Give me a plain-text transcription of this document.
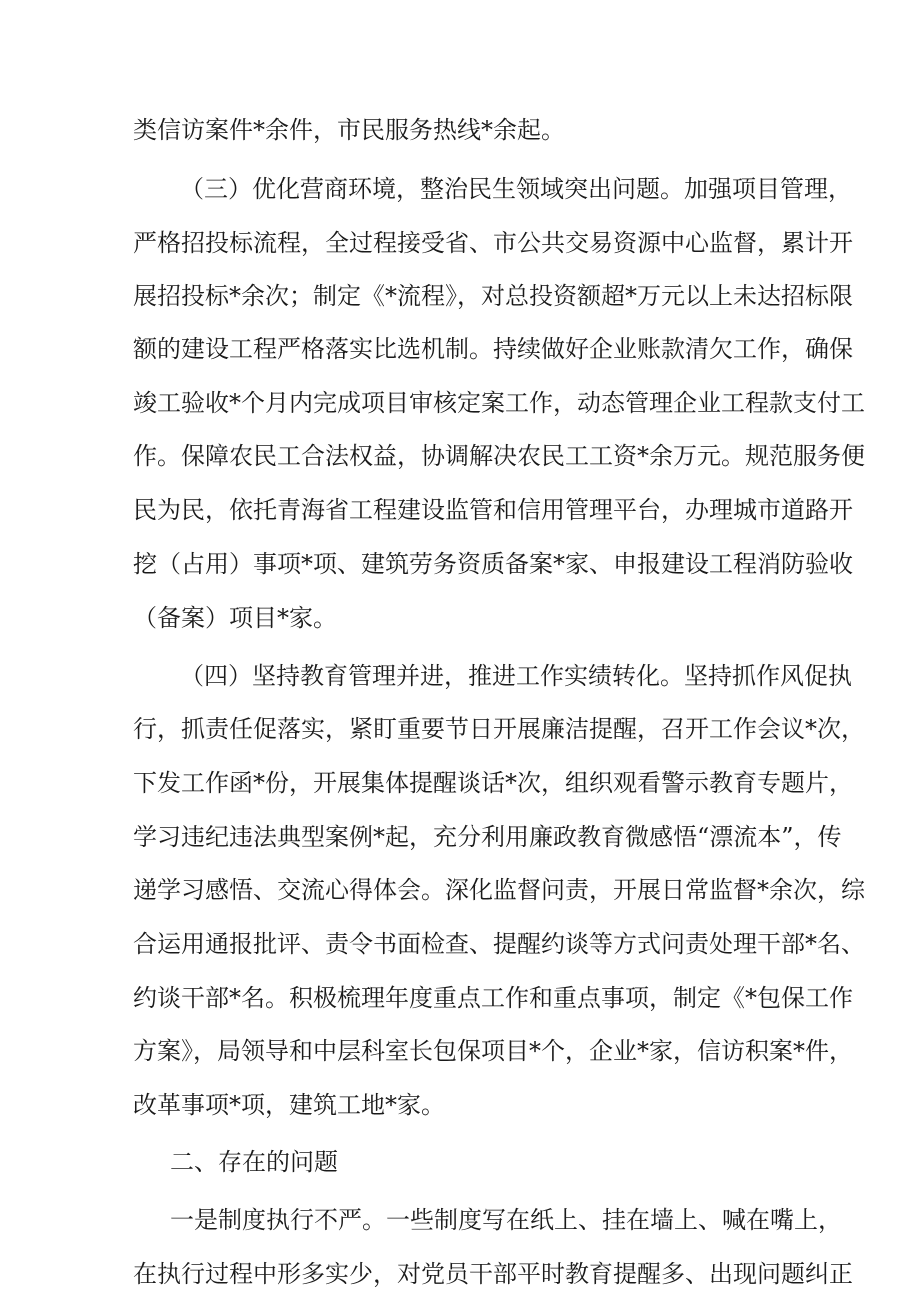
类信访案件*余件，市民服务热线*余起。
（三）优化营商环境，整治民生领域突出问题。加强项目管理，
严格招投标流程，全过程接受省、市公共交易资源中心监督，累计开
展招投标*余次；制定《*流程》，对总投资额超*万元以上未达招标限
额的建设工程严格落实比选机制。持续做好企业账款清欠工作，确保
竣工验收*个月内完成项目审核定案工作，动态管理企业工程款支付工
作。保障农民工合法权益，协调解决农民工工资*余万元。规范服务便
民为民，依托青海省工程建设监管和信用管理平台，办理城市道路开
挖（占用）事项*项、建筑劳务资质备案*家、申报建设工程消防验收
（备案）项目*家。
（四）坚持教育管理并进，推进工作实绩转化。坚持抓作风促执
行，抓责任促落实，紧盯重要节日开展廉洁提醒，召开工作会议*次，
下发工作函*份，开展集体提醒谈话*次，组织观看警示教育专题片，
学习违纪违法典型案例*起，充分利用廉政教育微感悟“漂流本”，传
递学习感悟、交流心得体会。深化监督问责，开展日常监督*余次，综
合运用通报批评、责令书面检查、提醒约谈等方式问责处理干部*名、
约谈干部*名。积极梳理年度重点工作和重点事项，制定《*包保工作
方案》，局领导和中层科室长包保项目*个，企业*家，信访积案*件，
改革事项*项，建筑工地*家。
二、存在的问题
一是制度执行不严。一些制度写在纸上、挂在墙上、喊在嘴上，
在执行过程中形多实少，对党员干部平时教育提醒多、出现问题纠正
